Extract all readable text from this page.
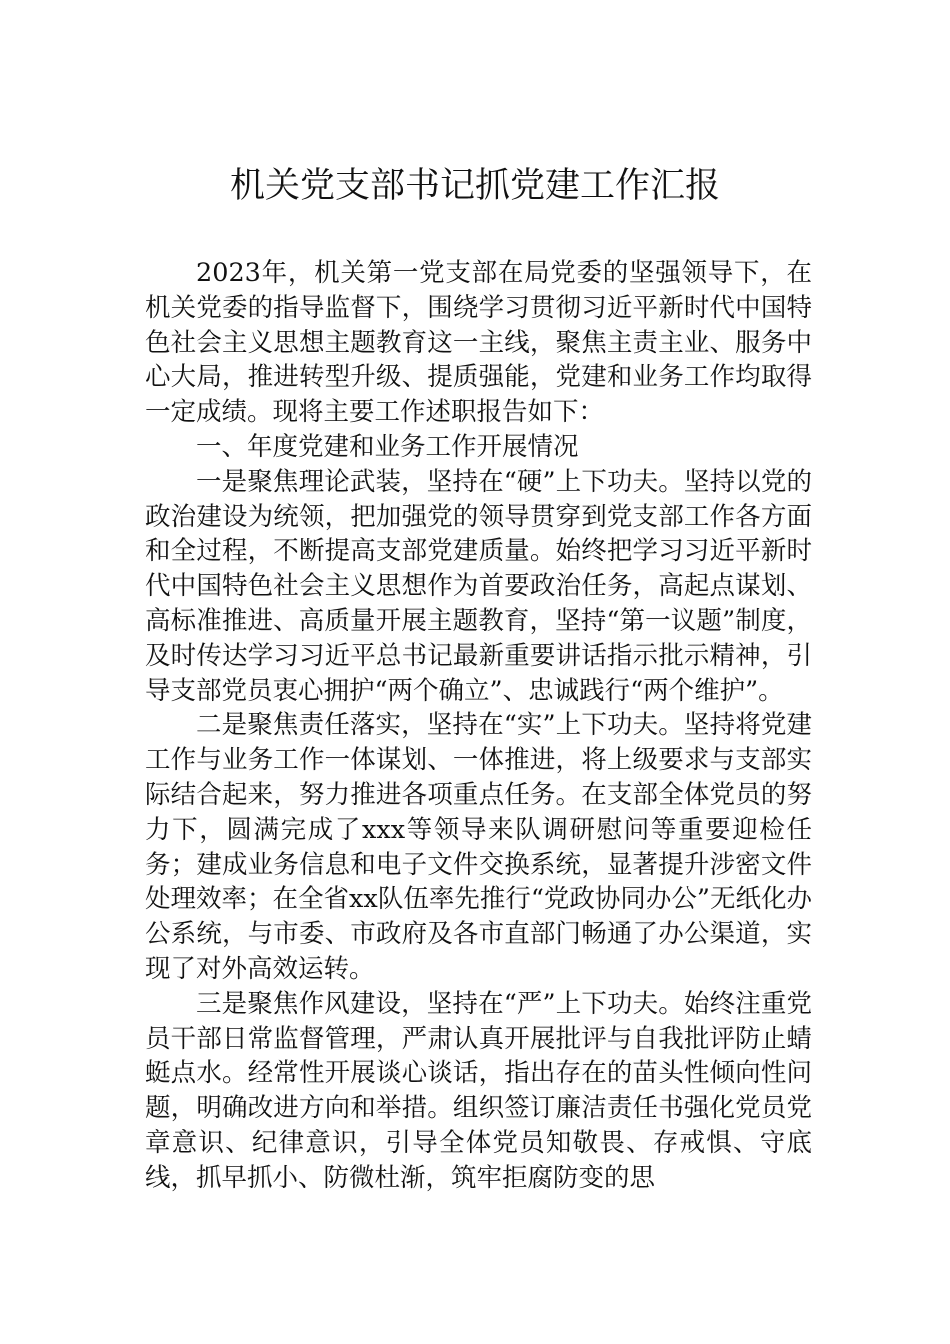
机关党支部书记抓党建工作汇报

2023年，机关第一党支部在局党委的坚强领导下，在机关党委的指导监督下，围绕学习贯彻习近平新时代中国特色社会主义思想主题教育这一主线，聚焦主责主业、服务中心大局，推进转型升级、提质强能，党建和业务工作均取得一定成绩。现将主要工作述职报告如下：

一、年度党建和业务工作开展情况

一是聚焦理论武装，坚持在“硬”上下功夫。坚持以党的政治建设为统领，把加强党的领导贯穿到党支部工作各方面和全过程，不断提高支部党建质量。始终把学习习近平新时代中国特色社会主义思想作为首要政治任务，高起点谋划、高标准推进、高质量开展主题教育，坚持“第一议题”制度，及时传达学习习近平总书记最新重要讲话指示批示精神，引导支部党员衷心拥护“两个确立”、忠诚践行“两个维护”。

二是聚焦责任落实，坚持在“实”上下功夫。坚持将党建工作与业务工作一体谋划、一体推进，将上级要求与支部实际结合起来，努力推进各项重点任务。在支部全体党员的努力下，圆满完成了xxx等领导来队调研慰问等重要迎检任务；建成业务信息和电子文件交换系统，显著提升涉密文件处理效率；在全省xx队伍率先推行“党政协同办公”无纸化办公系统，与市委、市政府及各市直部门畅通了办公渠道，实现了对外高效运转。

三是聚焦作风建设，坚持在“严”上下功夫。始终注重党员干部日常监督管理，严肃认真开展批评与自我批评防止蜻蜓点水。经常性开展谈心谈话，指出存在的苗头性倾向性问题，明确改进方向和举措。组织签订廉洁责任书强化党员党章意识、纪律意识，引导全体党员知敬畏、存戒惧、守底线，抓早抓小、防微杜渐，筑牢拒腐防变的思
